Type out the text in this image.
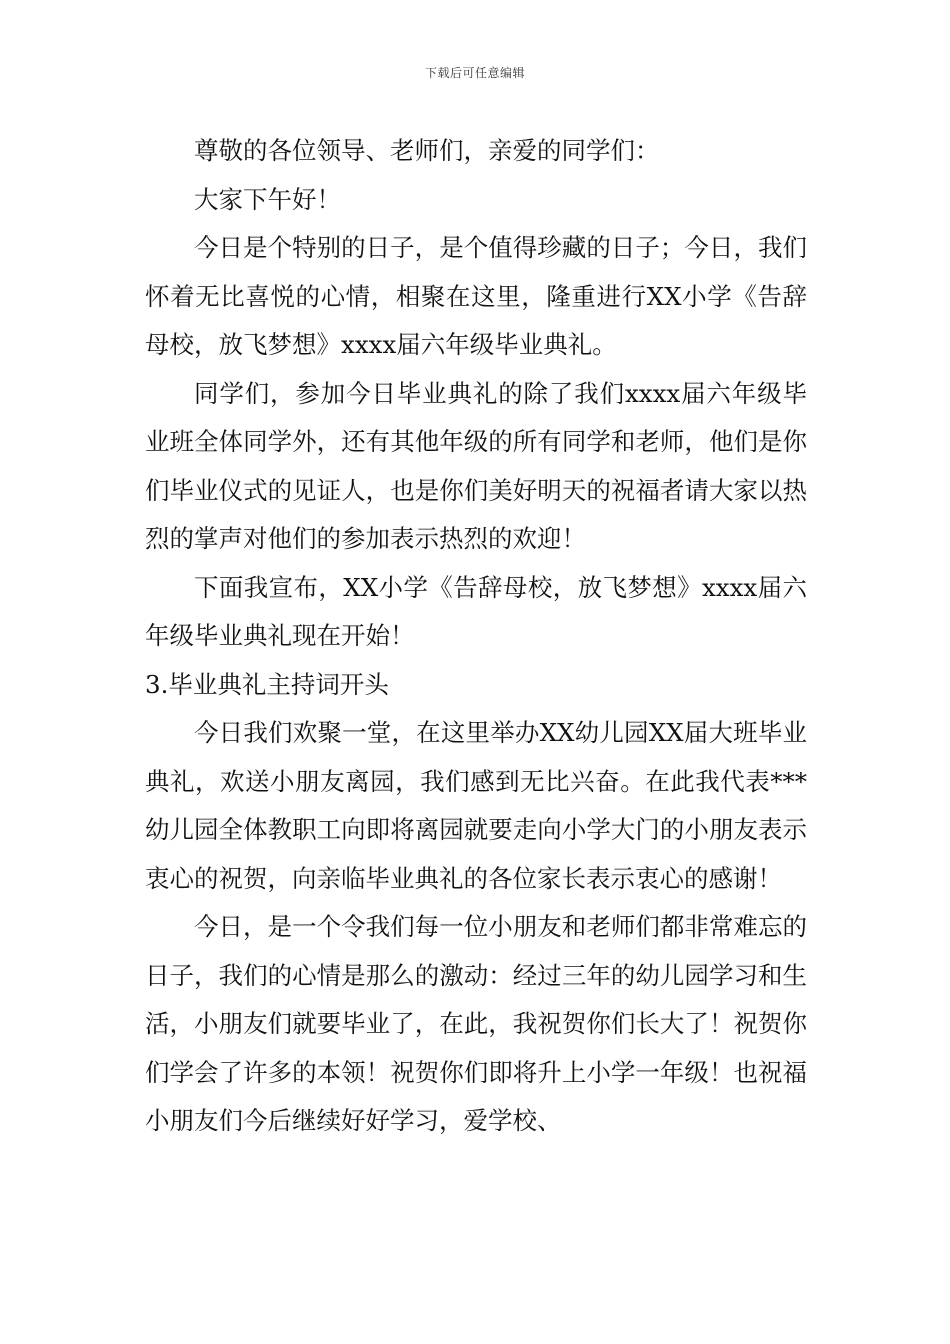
下载后可任意编辑

尊敬的各位领导、老师们，亲爱的同学们：

大家下午好！

今日是个特别的日子，是个值得珍藏的日子；今日，我们怀着无比喜悦的心情，相聚在这里，隆重进行XX小学《告辞母校，放飞梦想》xxxx届六年级毕业典礼。

同学们，参加今日毕业典礼的除了我们xxxx届六年级毕业班全体同学外，还有其他年级的所有同学和老师，他们是你们毕业仪式的见证人，也是你们美好明天的祝福者请大家以热烈的掌声对他们的参加表示热烈的欢迎！

下面我宣布，XX小学《告辞母校，放飞梦想》xxxx届六年级毕业典礼现在开始！

3.毕业典礼主持词开头

今日我们欢聚一堂，在这里举办XX幼儿园XX届大班毕业典礼，欢送小朋友离园，我们感到无比兴奋。在此我代表***幼儿园全体教职工向即将离园就要走向小学大门的小朋友表示衷心的祝贺，向亲临毕业典礼的各位家长表示衷心的感谢！

今日，是一个令我们每一位小朋友和老师们都非常难忘的日子，我们的心情是那么的激动：经过三年的幼儿园学习和生活，小朋友们就要毕业了，在此，我祝贺你们长大了！祝贺你们学会了许多的本领！祝贺你们即将升上小学一年级！也祝福小朋友们今后继续好好学习，爱学校、
